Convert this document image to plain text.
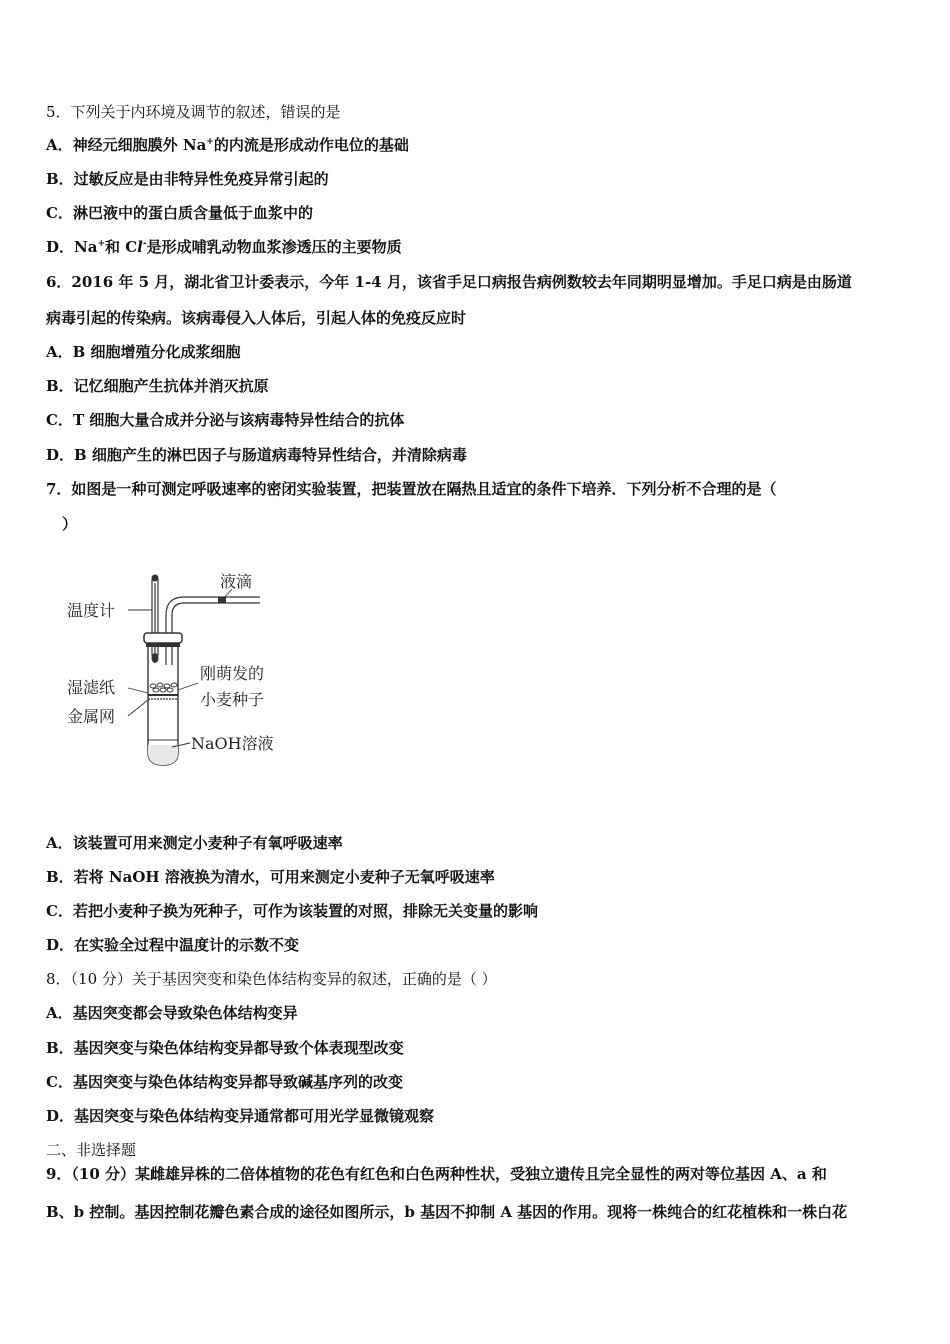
5．下列关于内环境及调节的叙述，错误的是
A．神经元细胞膜外 Na+的内流是形成动作电位的基础
B．过敏反应是由非特异性免疫异常引起的
C．淋巴液中的蛋白质含量低于血浆中的
D．Na+和 Cl-是形成哺乳动物血浆渗透压的主要物质
6．2016 年 5 月，湖北省卫计委表示，今年 1-4 月，该省手足口病报告病例数较去年同期明显增加。手足口病是由肠道
病毒引起的传染病。该病毒侵入人体后，引起人体的免疫反应时
A．B 细胞增殖分化成浆细胞
B．记忆细胞产生抗体并消灭抗原
C．T 细胞大量合成并分泌与该病毒特异性结合的抗体
D．B 细胞产生的淋巴因子与肠道病毒特异性结合，并清除病毒
7．如图是一种可测定呼吸速率的密闭实验装置，把装置放在隔热且适宜的条件下培养．下列分析不合理的是（
）
温度计
液滴
湿滤纸
金属网
刚萌发的
小麦种子
NaOH溶液
A．该装置可用来测定小麦种子有氧呼吸速率
B．若将 NaOH 溶液换为清水，可用来测定小麦种子无氧呼吸速率
C．若把小麦种子换为死种子，可作为该装置的对照，排除无关变量的影响
D．在实验全过程中温度计的示数不变
8．（10 分）关于基因突变和染色体结构变异的叙述，正确的是（ ）
A．基因突变都会导致染色体结构变异
B．基因突变与染色体结构变异都导致个体表现型改变
C．基因突变与染色体结构变异都导致碱基序列的改变
D．基因突变与染色体结构变异通常都可用光学显微镜观察
二、非选择题
9．（10 分）某雌雄异株的二倍体植物的花色有红色和白色两种性状，受独立遗传且完全显性的两对等位基因 A、a 和
B、b 控制。基因控制花瓣色素合成的途径如图所示，b 基因不抑制 A 基因的作用。现将一株纯合的红花植株和一株白花
